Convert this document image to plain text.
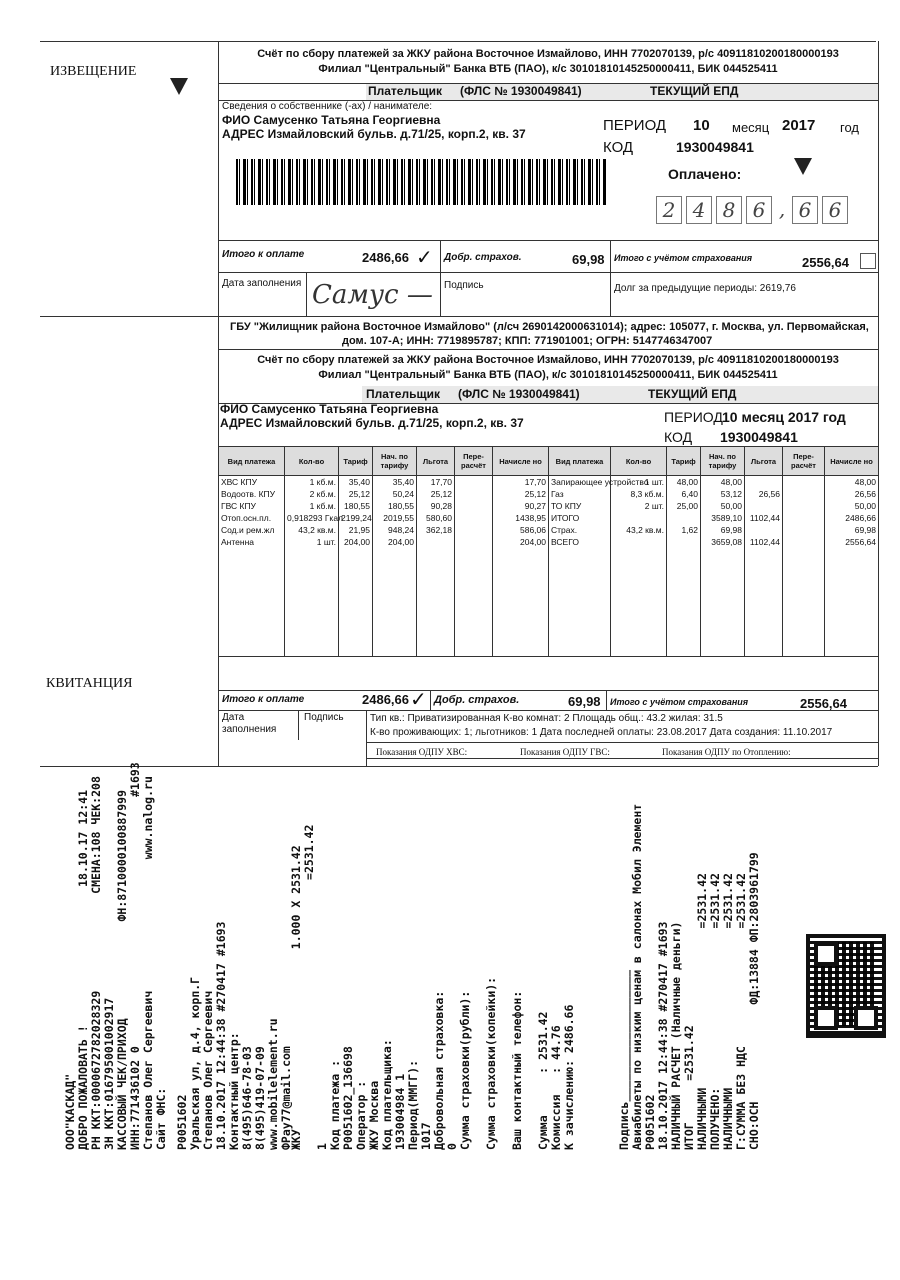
ИЗВЕЩЕНИЕ
Счёт по сбору платежей за ЖКУ района Восточное Измайлово, ИНН 7702070139, р/с 40911810200180000193
Филиал "Центральный" Банка ВТБ (ПАО), к/с 30101810145250000411, БИК 044525411
Плательщик (ФЛС № 1930049841)	ТЕКУЩИЙ ЕПД
Сведения о собственнике (-ах) / нанимателе:
ФИО Самусенко Татьяна Георгиевна
АДРЕС Измайловский бульв. д.71/25, корп.2, кв. 37	ПЕРИОД 10 месяц 2017 год
КОД	1930049841
Оплачено:
2 4 8 6 , 6 6
Итого к оплате	2486,66 ✓ Добр. страхов.	69,98 Итого с учётом страхования	2556,64
Дата заполнения Самус — Подпись	Долг за предыдущие периоды: 2619,76
ГБУ "Жилищник района Восточное Измайлово" (л/сч 2690142000631014); адрес: 105077, г. Москва, ул. Первомайская,
дом. 107-А; ИНН: 7719895787; КПП: 771901001; ОГРН: 5147746347007
Счёт по сбору платежей за ЖКУ района Восточное Измайлово, ИНН 7702070139, р/с 40911810200180000193
Филиал "Центральный" Банка ВТБ (ПАО), к/с 30101810145250000411, БИК 044525411
Плательщик (ФЛС № 1930049841)	ТЕКУЩИЙ ЕПД
ФИО Самусенко Татьяна Георгиевна
АДРЕС Измайловский бульв. д.71/25, корп.2, кв. 37	ПЕРИОД 10 месяц 2017 год
КОД 1930049841
Вид платежа	Кол-во	Тариф	Нач. по тарифу	Льгота	Пере-расчёт	Начисле но	Вид платежа	Кол-во	Тариф	Нач. по тарифу	Льгота	Пере-расчёт	Начисле но
ХВС КПУ	1 кб.м.	35,40	35,40	17,70		17,70	Запирающее устройство	1 шт.	48,00	48,00			48,00
Водоотв. КПУ	2 кб.м.	25,12	50,24	25,12		25,12	Газ	8,3 кб.м.	6,40	53,12	26,56		26,56
ГВС КПУ	1 кб.м.	180,55	180,55	90,28		90,27	ТО КПУ	2 шт.	25,00	50,00			50,00
Отоп.осн.пл.	0,918293 Гкал	2199,24	2019,55	580,60		1438,95	ИТОГО			3589,10	1102,44		2486,66
Сод.и рем.жл	43,2 кв.м.	21,95	948,24	362,18		586,06	Страх.	43,2 кв.м.	1,62	69,98			69,98
Антенна	1 шт.	204,00	204,00			204,00	ВСЕГО			3659,08	1102,44		2556,64

Итого к оплате	2486,66 ✓ Добр. страхов.	69,98 Итого с учётом страхования	2556,64
Дата заполнения
Подпись	Тип кв.: Приватизированная К-во комнат: 2 Площадь общ.: 43.2 жилая: 31.5
К-во проживающих: 1; льготников: 1 Дата последней оплаты: 23.08.2017 Дата создания: 11.10.2017
Показания ОДПУ ХВС:	Показания ОДПУ ГВС:	Показания ОДПУ по Отоплению:
КВИТАНЦИЯ
ООО"КАСКАД"
ДОБРО ПОЖАЛОВАТЬ !                    18.10.17 12:41
РН ККТ:0000672782028329              СМЕНА:108 ЧЕК:208
ЗН ККТ:016795001002917
КАССОВЫЙ ЧЕК/ПРИХОД              ФН:8710000100887999
ИНН:771436102 0                                    #1693
Степанов Олег Сергеевич                   www.nalog.ru
Сайт ФНС: Р0051602
Уральская ул, д.4, корп.Г
Степанов Олег Сергеевич
18.10.2017 12:44:38 #270417 #1693
Контактный центр:
8(495)646-78-03
8(495)419-07-09
www.mobilelement.ru
ФPay77@mail.com
ЖКУ                          1.000 X 2531.42
=2531.42
1
Код платежа :
Р0051602_136698
Оператор :
ЖКУ Москва
Код плательщика:
193004984 1
Период(ММГГ):
1017
Добровольная страховка:
0
Сумма страховки(рубли):

Сумма страховки(копейки):

Ваш контактный телефон:

Сумма      : 2531.42
Комиссия   : 44.76
К зачислению: 2486.66	Подпись___________________
Авиабилеты по низким ценам в салонах Мобил Элемент
Р0051602
18.10.2017 12:44:38 #270417 #1693
НАЛИЧНЫЙ РАСЧЕТ (Наличные деньги)
ИТОГ      =2531.42
НАЛИЧНЫМИ                       =2531.42
ПОЛУЧЕНО:                       =2531.42
НАЛИЧНЫМИ                       =2531.42
Г:СУММА БЕЗ НДС                 =2531.42
СНО:ОСН              ФД:13884 ФП:2803961799
